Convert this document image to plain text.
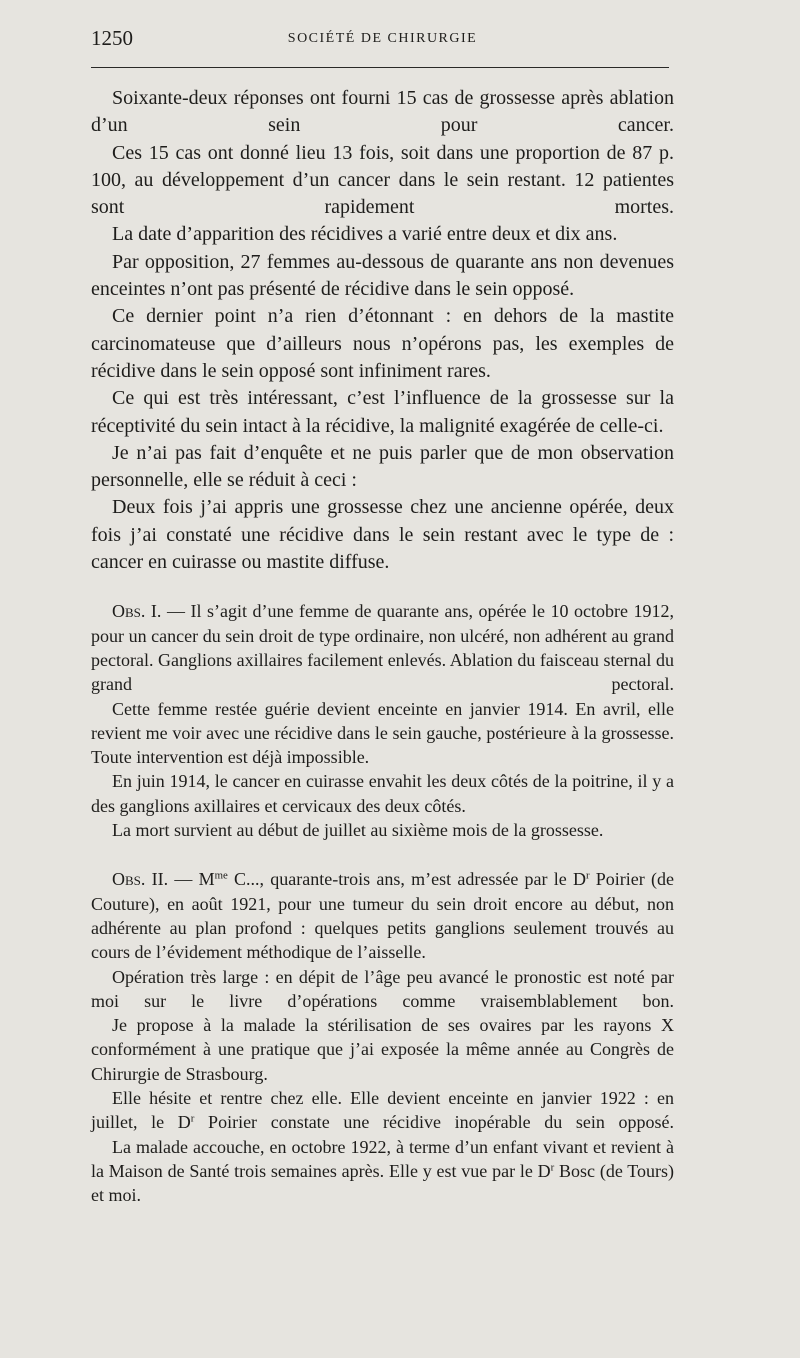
1250	SOCIÉTÉ DE CHIRURGIE

Soixante-deux réponses ont fourni 15 cas de grossesse après ablation d’un sein pour cancer.

Ces 15 cas ont donné lieu 13 fois, soit dans une proportion de 87 p. 100, au développement d’un cancer dans le sein restant. 12 patientes sont rapidement mortes.

La date d’apparition des récidives a varié entre deux et dix ans.

Par opposition, 27 femmes au-dessous de quarante ans non devenues enceintes n’ont pas présenté de récidive dans le sein opposé.

Ce dernier point n’a rien d’étonnant : en dehors de la mastite carcinomateuse que d’ailleurs nous n’opérons pas, les exemples de récidive dans le sein opposé sont infiniment rares.

Ce qui est très intéressant, c’est l’influence de la grossesse sur la réceptivité du sein intact à la récidive, la malignité exagérée de celle-ci.

Je n’ai pas fait d’enquête et ne puis parler que de mon observation personnelle, elle se réduit à ceci :

Deux fois j’ai appris une grossesse chez une ancienne opérée, deux fois j’ai constaté une récidive dans le sein restant avec le type de : cancer en cuirasse ou mastite diffuse.

Obs. I. — Il s’agit d’une femme de quarante ans, opérée le 10 octobre 1912, pour un cancer du sein droit de type ordinaire, non ulcéré, non adhérent au grand pectoral. Ganglions axillaires facilement enlevés. Ablation du faisceau sternal du grand pectoral.

Cette femme restée guérie devient enceinte en janvier 1914. En avril, elle revient me voir avec une récidive dans le sein gauche, postérieure à la grossesse. Toute intervention est déjà impossible.

En juin 1914, le cancer en cuirasse envahit les deux côtés de la poitrine, il y a des ganglions axillaires et cervicaux des deux côtés.

La mort survient au début de juillet au sixième mois de la grossesse.

Obs. II. — $M^{me}$ C..., quarante-trois ans, m’est adressée par le $D^r$ Poirier (de Couture), en août 1921, pour une tumeur du sein droit encore au début, non adhérente au plan profond : quelques petits ganglions seulement trouvés au cours de l’évidement méthodique de l’aisselle.

Opération très large : en dépit de l’âge peu avancé le pronostic est noté par moi sur le livre d’opérations comme vraisemblablement bon.

Je propose à la malade la stérilisation de ses ovaires par les rayons X conformément à une pratique que j’ai exposée la même année au Congrès de Chirurgie de Strasbourg.

Elle hésite et rentre chez elle. Elle devient enceinte en janvier 1922 : en juillet, le $D^r$ Poirier constate une récidive inopérable du sein opposé.

La malade accouche, en octobre 1922, à terme d’un enfant vivant et revient à la Maison de Santé trois semaines après. Elle y est vue par le $D^r$ Bosc (de Tours) et moi.
